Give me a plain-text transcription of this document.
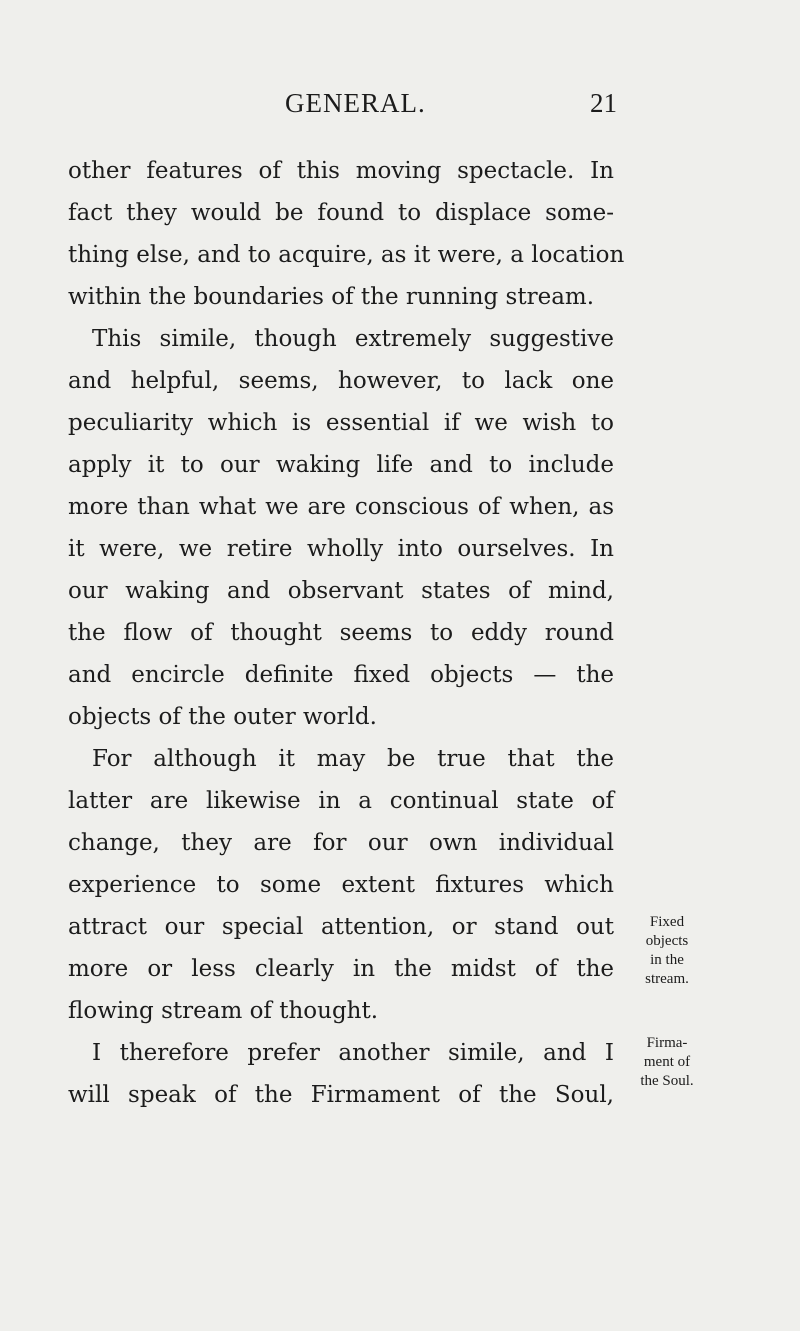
GENERAL.	21
other features of this moving spectacle. In
fact they would be found to displace some-
thing else, and to acquire, as it were, a location
within the boundaries of the running stream.
This simile, though extremely suggestive
and helpful, seems, however, to lack one
peculiarity which is essential if we wish to
apply it to our waking life and to include
more than what we are conscious of when, as
it were, we retire wholly into ourselves. In
our waking and observant states of mind,
the flow of thought seems to eddy round
and encircle definite fixed objects — the
objects of the outer world.
For although it may be true that the
latter are likewise in a continual state of
change, they are for our own individual
experience to some extent fixtures which
attract our special attention, or stand out
more or less clearly in the midst of the
flowing stream of thought.
I therefore prefer another simile, and I
will speak of the Firmament of the Soul,
Fixed
objects
in the
stream.
Firma-
ment of
the Soul.
